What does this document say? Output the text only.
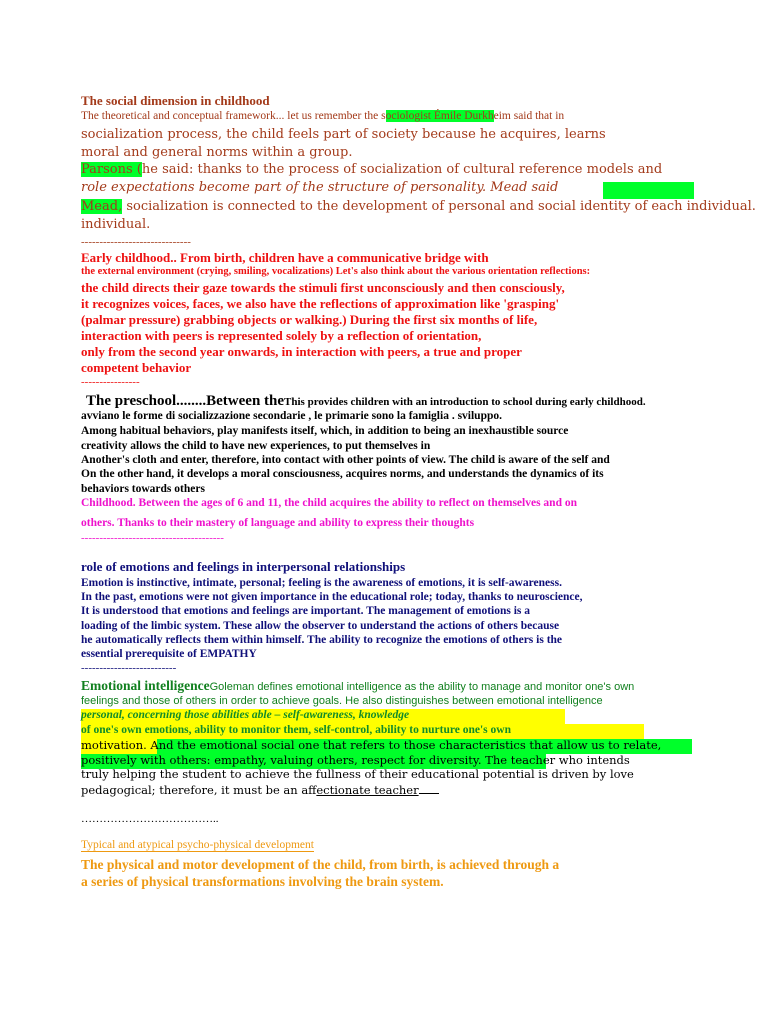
The social dimension in childhood
The theoretical and conceptual framework... let us remember the sociologist Émile Durkheim said that in
socialization process, the child feels part of society because he acquires, learns
moral and general norms within a group.
Parsons (he said: thanks to the process of socialization of cultural reference models and
role expectations become part of the structure of personality. Mead said
Mead, socialization is connected to the development of personal and social identity of each individual.
individual.
------------------------------
Early childhood.. From birth, children have a communicative bridge with
the external environment (crying, smiling, vocalizations) Let's also think about the various orientation reflections:
the child directs their gaze towards the stimuli first unconsciously and then consciously,
it recognizes voices, faces, we also have the reflections of approximation like 'grasping'
(palmar pressure) grabbing objects or walking.) During the first six months of life,
interaction with peers is represented solely by a reflection of orientation,
only from the second year onwards, in interaction with peers, a true and proper
competent behavior
----------------
The preschool........Between theThis provides children with an introduction to school during early childhood.
avviano le forme di socializzazione secondarie , le primarie sono la famiglia . sviluppo.
Among habitual behaviors, play manifests itself, which, in addition to being an inexhaustible source
creativity allows the child to have new experiences, to put themselves in
Another's cloth and enter, therefore, into contact with other points of view. The child is aware of the self and
On the other hand, it develops a moral consciousness, acquires norms, and understands the dynamics of its
behaviors towards others
Childhood. Between the ages of 6 and 11, the child acquires the ability to reflect on themselves and on
others. Thanks to their mastery of language and ability to express their thoughts
---------------------------------------
role of emotions and feelings in interpersonal relationships
Emotion is instinctive, intimate, personal; feeling is the awareness of emotions, it is self-awareness.
In the past, emotions were not given importance in the educational role; today, thanks to neuroscience,
It is understood that emotions and feelings are important. The management of emotions is a
loading of the limbic system. These allow the observer to understand the actions of others because
he automatically reflects them within himself. The ability to recognize the emotions of others is the
essential prerequisite of EMPATHY
--------------------------
Emotional intelligenceGoleman defines emotional intelligence as the ability to manage and monitor one's own
feelings and those of others in order to achieve goals. He also distinguishes between emotional intelligence
personal, concerning those abilities able – self-awareness, knowledge
of one's own emotions, ability to monitor them, self-control, ability to nurture one's own
motivation. And the emotional social one that refers to those characteristics that allow us to relate,
positively with others: empathy, valuing others, respect for diversity. The teacher who intends
truly helping the student to achieve the fullness of their educational potential is driven by love
pedagogical; therefore, it must be an affectionate teacher
………………………………..
Typical and atypical psycho-physical development
The physical and motor development of the child, from birth, is achieved through a
a series of physical transformations involving the brain system.
